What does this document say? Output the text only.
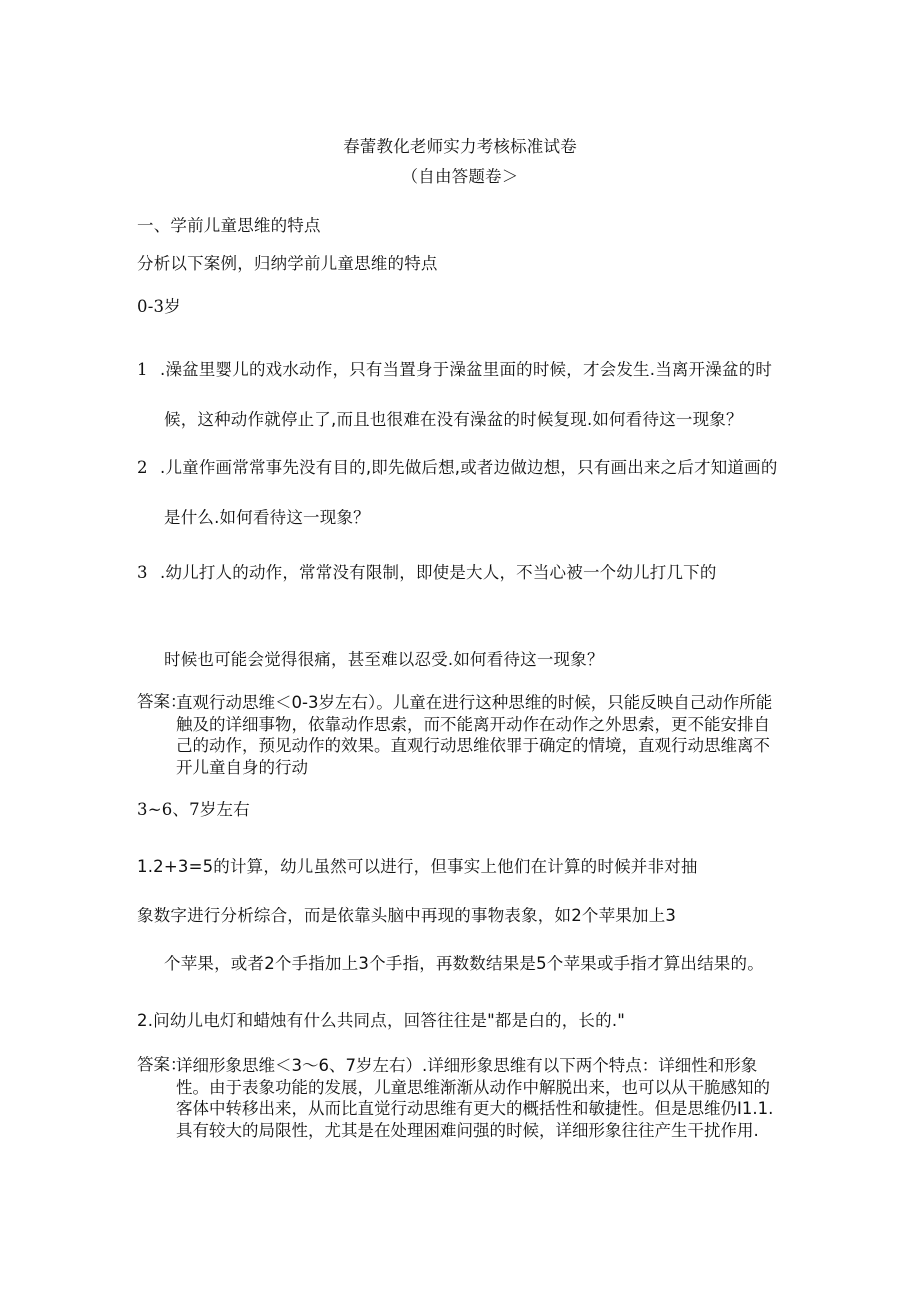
春蕾教化老师实力考核标准试卷
（自由答题卷＞
一、学前儿童思维的特点
分析以下案例，归纳学前儿童思维的特点
0-3岁
1 .澡盆里婴儿的戏水动作，只有当置身于澡盆里面的时候，才会发生.当离开澡盆的时
候，这种动作就停止了,而且也很难在没有澡盆的时候复现.如何看待这一现象？
2 .儿童作画常常事先没有目的,即先做后想,或者边做边想，只有画出来之后才知道画的
是什么.如何看待这一现象？
3 .幼儿打人的动作，常常没有限制，即使是大人，不当心被一个幼儿打几下的
时候也可能会觉得很痛，甚至难以忍受.如何看待这一现象？
答案：
直观行动思维＜0-3岁左右）。儿童在进行这种思维的时候，只能反映自己动作所能触及的详细事物，依靠动作思索，而不能离开动作在动作之外思索，更不能安排自己的动作，预见动作的效果。直观行动思维依罪于确定的情境，直观行动思维离不开儿童自身的行动
3~6、7岁左右
1.2+3=5的计算，幼儿虽然可以进行，但事实上他们在计算的时候并非对抽
象数字进行分析综合，而是依靠头脑中再现的事物表象，如2个苹果加上3
个苹果，或者2个手指加上3个手指，再数数结果是5个苹果或手指才算出结果的。
2.问幼儿电灯和蜡烛有什么共同点，回答往往是"都是白的，长的."
答案：
详细形象思维＜3～6、7岁左右）.详细形象思维有以下两个特点：详细性和形象性。由于表象功能的发展，儿童思维渐渐从动作中解脱出来，也可以从干脆感知的客体中转移出来，从而比直觉行动思维有更大的概括性和敏捷性。但是思维仍I1.1.具有较大的局限性，尤其是在处理困难问强的时候，详细形象往往产生干扰作用.
